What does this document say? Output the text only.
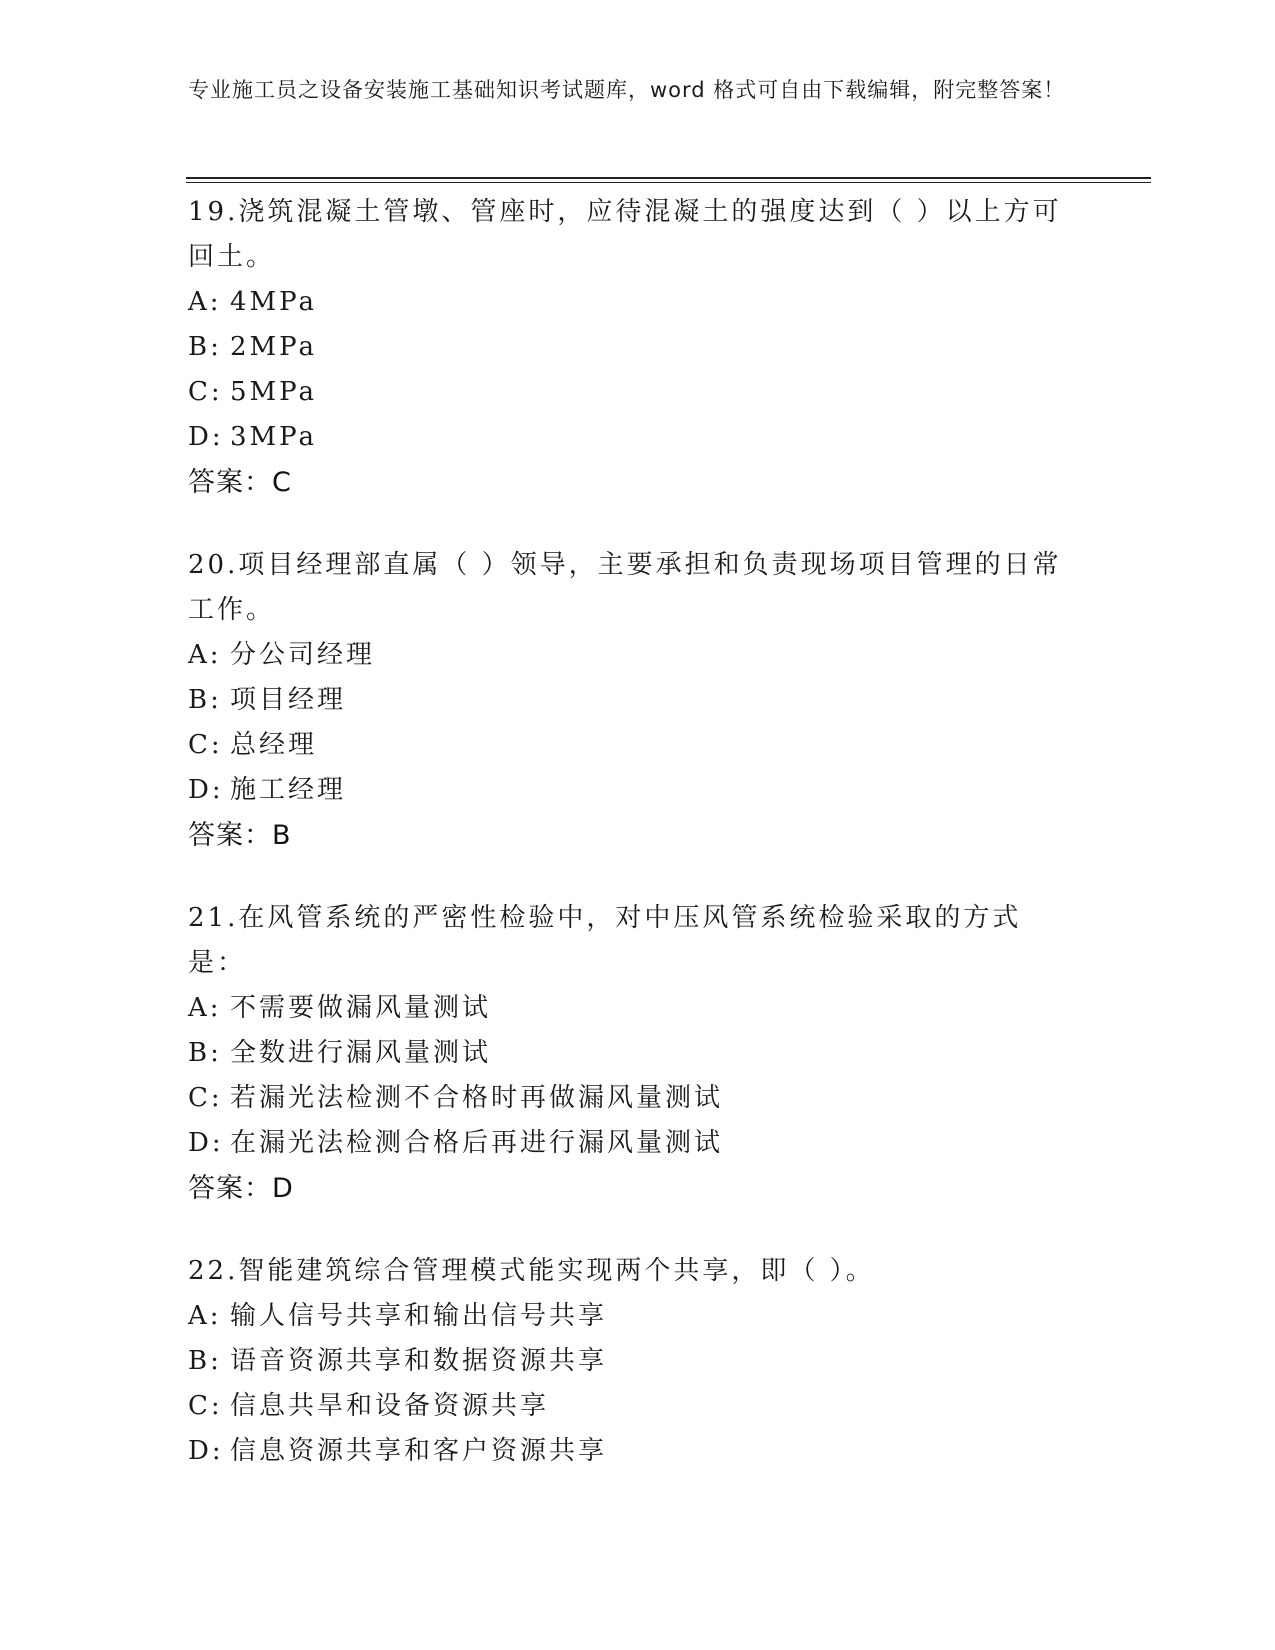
专业施工员之设备安装施工基础知识考试题库，word 格式可自由下载编辑，附完整答案！

19.浇筑混凝土管墩、管座时，应待混凝土的强度达到（ ）以上方可回土。

A: 4MPa

B: 2MPa

C: 5MPa

D: 3MPa

答案：C

20.项目经理部直属（ ）领导，主要承担和负责现场项目管理的日常工作。

A: 分公司经理

B: 项目经理

C: 总经理

D: 施工经理

答案：B

21.在风管系统的严密性检验中，对中压风管系统检验采取的方式是：

A: 不需要做漏风量测试

B: 全数进行漏风量测试

C: 若漏光法检测不合格时再做漏风量测试

D: 在漏光法检测合格后再进行漏风量测试

答案：D

22.智能建筑综合管理模式能实现两个共享，即（ ）。

A: 输人信号共享和输出信号共享

B: 语音资源共享和数据资源共享

C: 信息共旱和设备资源共享

D: 信息资源共享和客户资源共享
